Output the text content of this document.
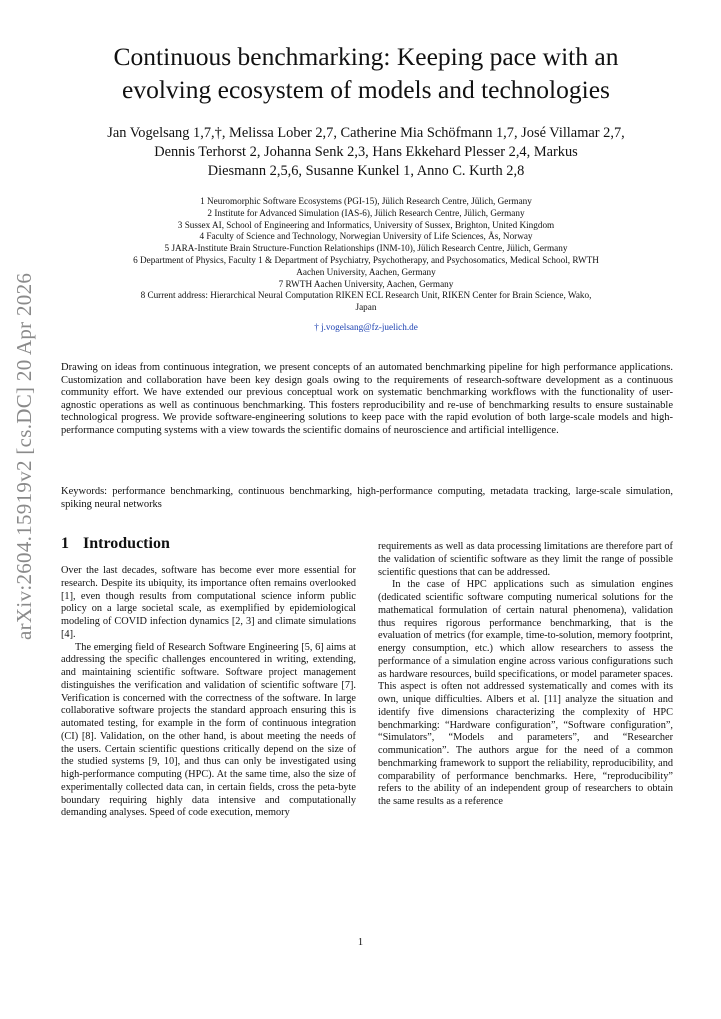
arXiv:2604.15919v2 [cs.DC] 20 Apr 2026
Continuous benchmarking: Keeping pace with an
evolving ecosystem of models and technologies
Jan Vogelsang 1,7,†, Melissa Lober 2,7, Catherine Mia Schöfmann 1,7, José Villamar 2,7,
Dennis Terhorst 2, Johanna Senk 2,3, Hans Ekkehard Plesser 2,4, Markus
Diesmann 2,5,6, Susanne Kunkel 1, Anno C. Kurth 2,8
1 Neuromorphic Software Ecosystems (PGI-15), Jülich Research Centre, Jülich, Germany
2 Institute for Advanced Simulation (IAS-6), Jülich Research Centre, Jülich, Germany
3 Sussex AI, School of Engineering and Informatics, University of Sussex, Brighton, United Kingdom
4 Faculty of Science and Technology, Norwegian University of Life Sciences, Ås, Norway
5 JARA-Institute Brain Structure-Function Relationships (INM-10), Jülich Research Centre, Jülich, Germany
6 Department of Physics, Faculty 1 & Department of Psychiatry, Psychotherapy, and Psychosomatics, Medical School, RWTH
Aachen University, Aachen, Germany
7 RWTH Aachen University, Aachen, Germany
8 Current address: Hierarchical Neural Computation RIKEN ECL Research Unit, RIKEN Center for Brain Science, Wako,
Japan
† j.vogelsang@fz-juelich.de
Drawing on ideas from continuous integration, we present concepts of an automated benchmarking pipeline for high performance applications. Customization and collaboration have been key design goals owing to the requirements of research-software development as a continuous community effort. We have extended our previous conceptual work on systematic benchmarking workflows with the functionality of user-agnostic operations as well as continuous benchmarking. This fosters reproducibility and re-use of benchmarking results to ensure sustainable technological progress. We provide software-engineering solutions to keep pace with the rapid evolution of both large-scale models and high-performance computing systems with a view towards the scientific domains of neuroscience and artificial intelligence.
Keywords: performance benchmarking, continuous benchmarking, high-performance computing, metadata tracking, large-scale simulation, spiking neural networks
1 Introduction

Over the last decades, software has become ever more essential for research. Despite its ubiquity, its importance often remains overlooked [1], even though results from computational science inform public policy on a large societal scale, as exemplified by epidemiological modeling of COVID infection dynamics [2, 3] and climate simulations [4].

The emerging field of Research Software Engineering [5, 6] aims at addressing the specific challenges encountered in writing, extending, and maintaining scientific software. Software project management distinguishes the verification and validation of scientific software [7]. Verification is concerned with the correctness of the software. In large collaborative software projects the standard approach ensuring this is automated testing, for example in the form of continuous integration (CI) [8]. Validation, on the other hand, is about meeting the needs of the users. Certain scientific questions critically depend on the size of the studied systems [9, 10], and thus can only be investigated using high-performance computing (HPC). At the same time, also the size of experimentally collected data can, in certain fields, cross the peta-byte boundary requiring highly data intensive and computationally demanding analyses. Speed of code execution, memory

requirements as well as data processing limitations are therefore part of the validation of scientific software as they limit the range of possible scientific questions that can be addressed.

In the case of HPC applications such as simulation engines (dedicated scientific software computing numerical solutions for the mathematical formulation of certain natural phenomena), validation thus requires rigorous performance benchmarking, that is the evaluation of metrics (for example, time-to-solution, memory footprint, energy consumption, etc.) which allow researchers to assess the performance of a simulation engine across various configurations such as hardware resources, build specifications, or model parameter spaces. This aspect is often not addressed systematically and comes with its own, unique difficulties. Albers et al. [11] analyze the situation and identify five dimensions characterizing the complexity of HPC benchmarking: “Hardware configuration”, “Software configuration”, “Simulators”, “Models and parameters”, and “Researcher communication”. The authors argue for the need of a common benchmarking framework to support the reliability, reproducibility, and comparability of performance benchmarks. Here, “reproducibility” refers to the ability of an independent group of researchers to obtain the same results as a reference

1
